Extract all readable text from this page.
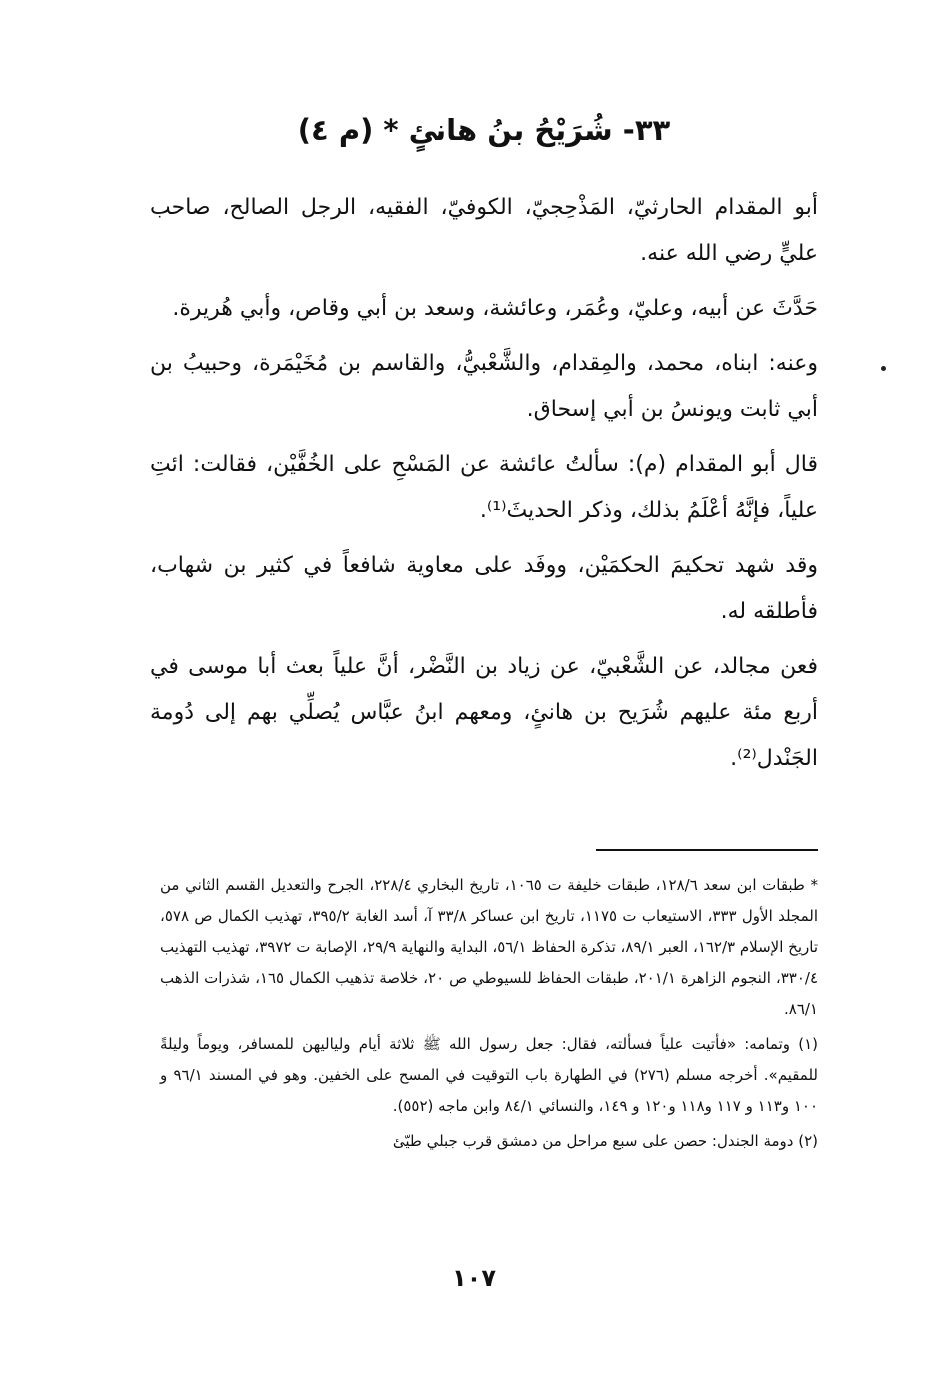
٣٣- شُرَيْحُ بنُ هانئٍ * (م ٤)

أبو المقدام الحارثيّ، المَذْحِجيّ، الكوفيّ، الفقيه، الرجل الصالح، صاحب عليٍّ رضي الله عنه.

حَدَّثَ عن أبيه، وعليّ، وعُمَر، وعائشة، وسعد بن أبي وقاص، وأبي هُريرة.

وعنه: ابناه، محمد، والمِقدام، والشَّعْبيُّ، والقاسم بن مُخَيْمَرة، وحبيبُ بن أبي ثابت ويونسُ بن أبي إسحاق.

قال أبو المقدام (م): سألتُ عائشة عن المَسْحِ على الخُفَّيْن، فقالت: ائتِ علياً، فإنَّهُ أعْلَمُ بذلك، وذكر الحديثَ⁽¹⁾.

وقد شهد تحكيمَ الحكمَيْن، ووفَد على معاوية شافعاً في كثير بن شهاب، فأطلقه له.

فعن مجالد، عن الشَّعْبيّ، عن زياد بن النَّضْر، أنَّ علياً بعث أبا موسى في أربع مئة عليهم شُرَيح بن هانئٍ، ومعهم ابنُ عبَّاس يُصلِّي بهم إلى دُومة الجَنْدل⁽²⁾.

* طبقات ابن سعد ١٢٨/٦، طبقات خليفة ت ١٠٦٥، تاريخ البخاري ٢٢٨/٤، الجرح والتعديل القسم الثاني من المجلد الأول ٣٣٣، الاستيعاب ت ١١٧٥، تاريخ ابن عساكر ٣٣/٨ آ، أسد الغابة ٣٩٥/٢، تهذيب الكمال ص ٥٧٨، تاريخ الإسلام ١٦٢/٣، العبر ٨٩/١، تذكرة الحفاظ ٥٦/١، البداية والنهاية ٢٩/٩، الإصابة ت ٣٩٧٢، تهذيب التهذيب ٣٣٠/٤، النجوم الزاهرة ٢٠١/١، طبقات الحفاظ للسيوطي ص ٢٠، خلاصة تذهيب الكمال ١٦٥، شذرات الذهب ٨٦/١.

(١) وتمامه: «فأتيت علياً فسألته، فقال: جعل رسول الله ﷺ ثلاثة أيام ولياليهن للمسافر، ويوماً وليلةً للمقيم». أخرجه مسلم (٢٧٦) في الطهارة باب التوقيت في المسح على الخفين. وهو في المسند ٩٦/١ و ١٠٠ و١١٣ و ١١٧ و١١٨ و١٢٠ و ١٤٩، والنسائي ٨٤/١ وابن ماجه (٥٥٢).

(٢) دومة الجندل: حصن على سبع مراحل من دمشق قرب جبلي طيّئ

١٠٧
